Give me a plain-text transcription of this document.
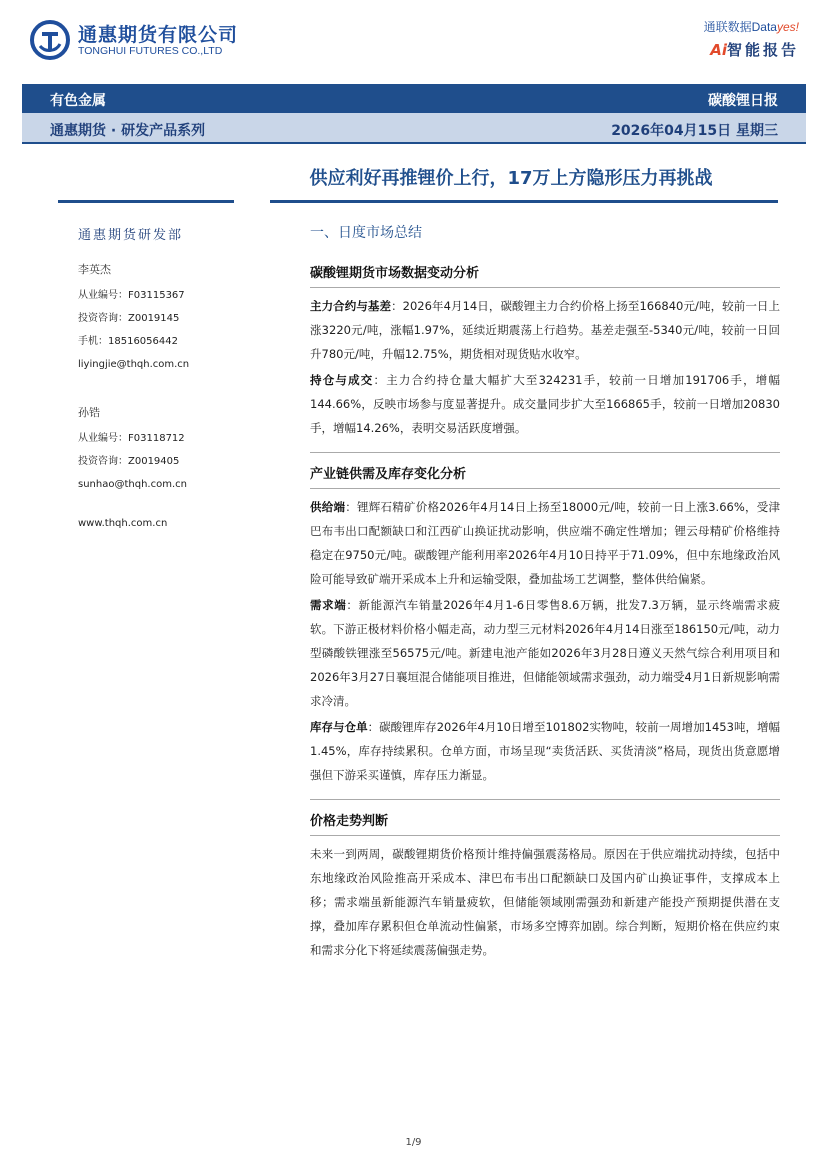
通惠期货有限公司
TONGHUI FUTURES CO.,LTD
通联数据Datayes!
Ai智能报告
有色金属	碳酸锂日报
通惠期货 · 研发产品系列	2026年04月15日 星期三
供应利好再推锂价上行，17万上方隐形压力再挑战
通惠期货研发部
李英杰
从业编号：F03115367
投资咨询：Z0019145
手机：18516056442
liyingjie@thqh.com.cn
孙锆
从业编号：F03118712
投资咨询：Z0019405
sunhao@thqh.com.cn
www.thqh.com.cn
一、日度市场总结
碳酸锂期货市场数据变动分析
主力合约与基差：2026年4月14日，碳酸锂主力合约价格上扬至166840元/吨，较前一日上涨3220元/吨，涨幅1.97%，延续近期震荡上行趋势。基差走强至-5340元/吨，较前一日回升780元/吨，升幅12.75%，期货相对现货贴水收窄。
持仓与成交：主力合约持仓量大幅扩大至324231手，较前一日增加191706手，增幅144.66%，反映市场参与度显著提升。成交量同步扩大至166865手，较前一日增加20830手，增幅14.26%，表明交易活跃度增强。
产业链供需及库存变化分析
供给端：锂辉石精矿价格2026年4月14日上扬至18000元/吨，较前一日上涨3.66%，受津巴布韦出口配额缺口和江西矿山换证扰动影响，供应端不确定性增加；锂云母精矿价格维持稳定在9750元/吨。碳酸锂产能利用率2026年4月10日持平于71.09%，但中东地缘政治风险可能导致矿端开采成本上升和运输受限，叠加盐场工艺调整，整体供给偏紧。
需求端：新能源汽车销量2026年4月1-6日零售8.6万辆，批发7.3万辆，显示终端需求疲软。下游正极材料价格小幅走高，动力型三元材料2026年4月14日涨至186150元/吨，动力型磷酸铁锂涨至56575元/吨。新建电池产能如2026年3月28日遵义天然气综合利用项目和2026年3月27日襄垣混合储能项目推进，但储能领域需求强劲，动力端受4月1日新规影响需求冷清。
库存与仓单：碳酸锂库存2026年4月10日增至101802实物吨，较前一周增加1453吨，增幅1.45%，库存持续累积。仓单方面，市场呈现“卖货活跃、买货清淡”格局，现货出货意愿增强但下游采买谨慎，库存压力渐显。
价格走势判断
未来一到两周，碳酸锂期货价格预计维持偏强震荡格局。原因在于供应端扰动持续，包括中东地缘政治风险推高开采成本、津巴布韦出口配额缺口及国内矿山换证事件，支撑成本上移；需求端虽新能源汽车销量疲软，但储能领域刚需强劲和新建产能投产预期提供潜在支撑，叠加库存累积但仓单流动性偏紧，市场多空博弈加剧。综合判断，短期价格在供应约束和需求分化下将延续震荡偏强走势。
1/9
